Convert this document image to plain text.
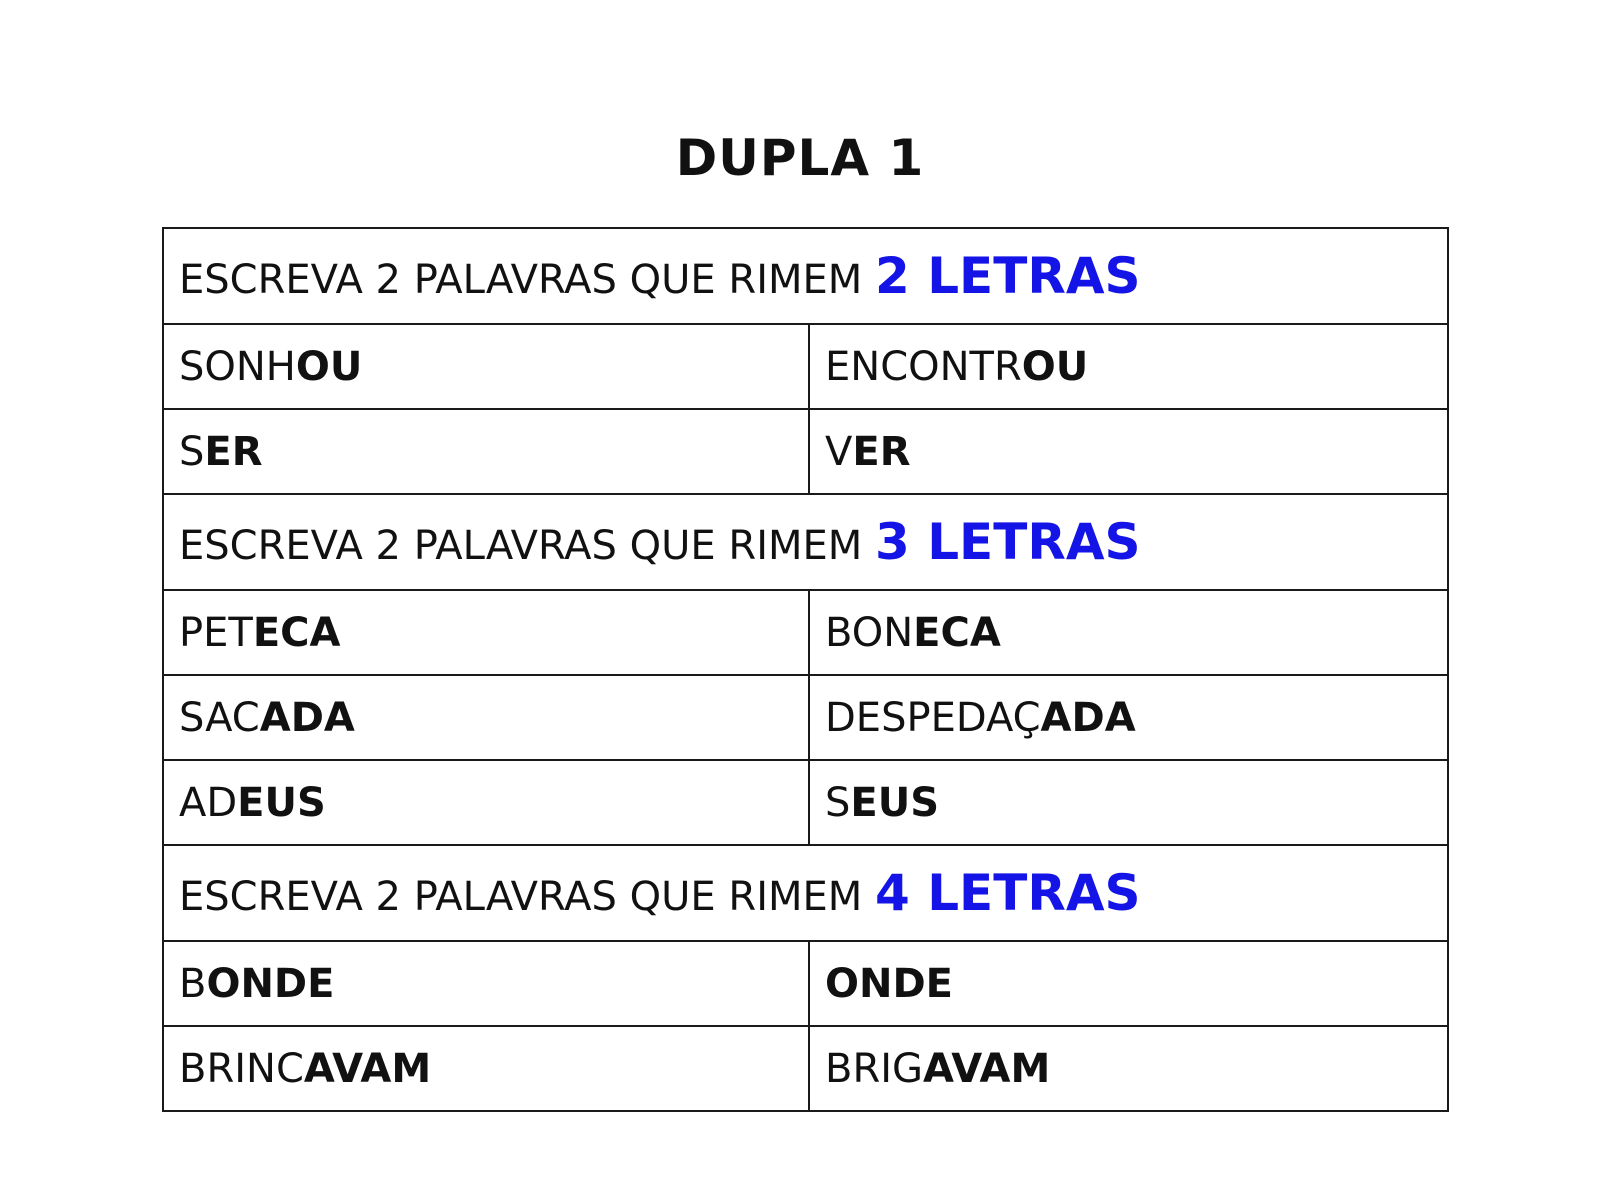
DUPLA 1
ESCREVA 2 PALAVRAS QUE RIMEM 2 LETRAS	
SONHOU	ENCONTROU
SER	VER
ESCREVA 2 PALAVRAS QUE RIMEM 3 LETRAS	
PETECA	BONECA
SACADA	DESPEDAÇADA
ADEUS	SEUS
ESCREVA 2 PALAVRAS QUE RIMEM 4 LETRAS	
BONDE	ONDE
BRINCAVAM	BRIGAVAM
